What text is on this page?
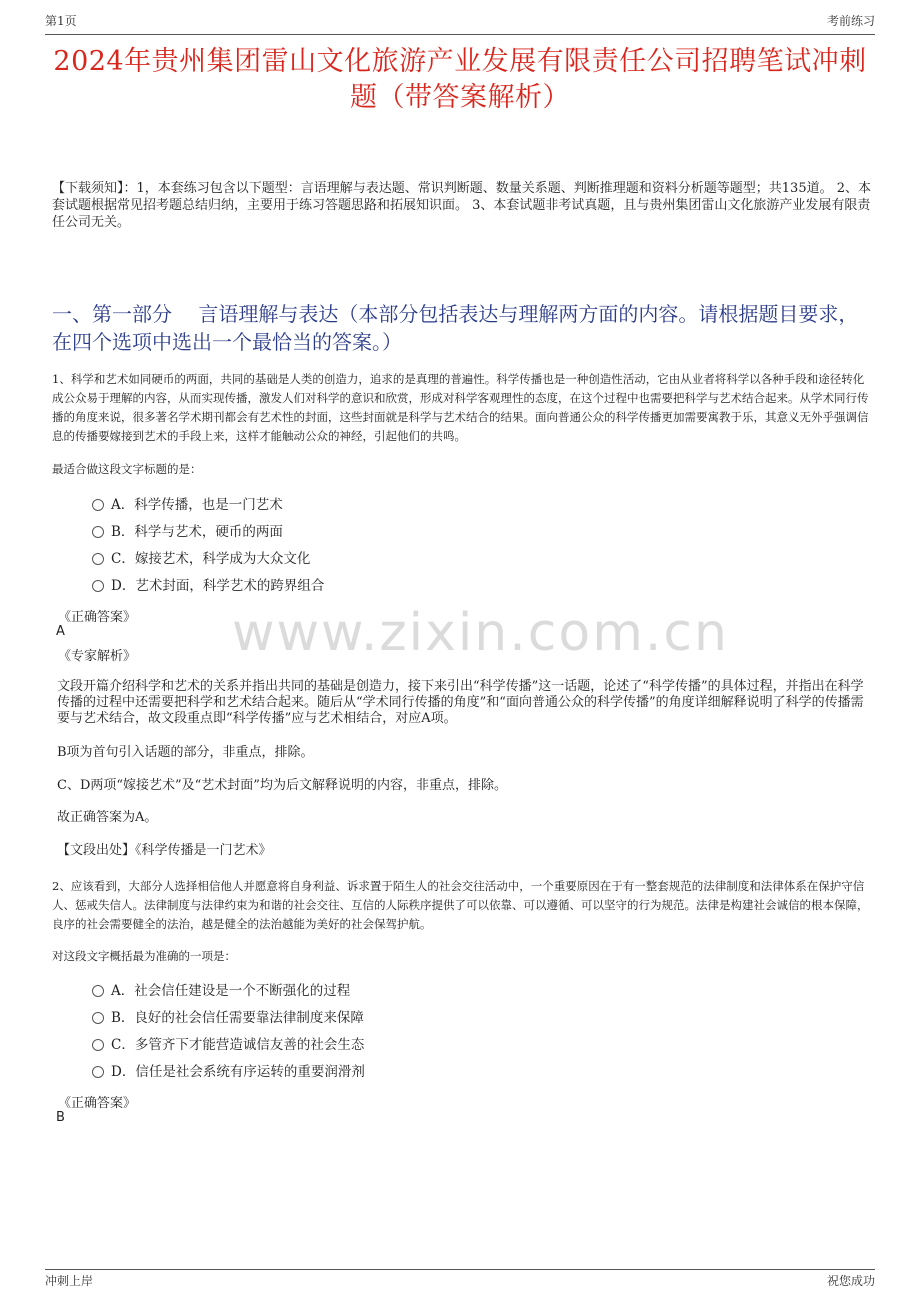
第1页	考前练习
2024年贵州集团雷山文化旅游产业发展有限责任公司招聘笔试冲刺题（带答案解析）
【下载须知】：1，本套练习包含以下题型：言语理解与表达题、常识判断题、数量关系题、判断推理题和资料分析题等题型；共135道。 2、本套试题根据常见招考题总结归纳，主要用于练习答题思路和拓展知识面。 3、本套试题非考试真题，且与贵州集团雷山文化旅游产业发展有限责任公司无关。
一、第一部分　 言语理解与表达（本部分包括表达与理解两方面的内容。请根据题目要求，在四个选项中选出一个最恰当的答案。）
1、科学和艺术如同硬币的两面，共同的基础是人类的创造力，追求的是真理的普遍性。科学传播也是一种创造性活动，它由从业者将科学以各种手段和途径转化成公众易于理解的内容，从而实现传播，激发人们对科学的意识和欣赏，形成对科学客观理性的态度，在这个过程中也需要把科学与艺术结合起来。从学术同行传播的角度来说，很多著名学术期刊都会有艺术性的封面，这些封面就是科学与艺术结合的结果。面向普通公众的科学传播更加需要寓教于乐，其意义无外乎强调信息的传播要嫁接到艺术的手段上来，这样才能触动公众的神经，引起他们的共鸣。
最适合做这段文字标题的是：
A．科学传播，也是一门艺术
B．科学与艺术，硬币的两面
C．嫁接艺术，科学成为大众文化
D．艺术封面，科学艺术的跨界组合
《正确答案》
A
《专家解析》 www.zixin.com.cn
文段开篇介绍科学和艺术的关系并指出共同的基础是创造力，接下来引出“科学传播”这一话题，论述了“科学传播”的具体过程，并指出在科学传播的过程中还需要把科学和艺术结合起来。随后从“学术同行传播的角度”和“面向普通公众的科学传播”的角度详细解释说明了科学的传播需要与艺术结合，故文段重点即“科学传播”应与艺术相结合，对应A项。
B项为首句引入话题的部分，非重点，排除。
C、D两项“嫁接艺术”及“艺术封面”均为后文解释说明的内容，非重点，排除。
故正确答案为A。
【文段出处】《科学传播是一门艺术》
2、应该看到，大部分人选择相信他人并愿意将自身利益、诉求置于陌生人的社会交往活动中，一个重要原因在于有一整套规范的法律制度和法律体系在保护守信人、惩戒失信人。法律制度与法律约束为和谐的社会交往、互信的人际秩序提供了可以依靠、可以遵循、可以坚守的行为规范。法律是构建社会诚信的根本保障，良序的社会需要健全的法治，越是健全的法治越能为美好的社会保驾护航。
对这段文字概括最为准确的一项是：
A．社会信任建设是一个不断强化的过程
B．良好的社会信任需要靠法律制度来保障
C．多管齐下才能营造诚信友善的社会生态
D．信任是社会系统有序运转的重要润滑剂
《正确答案》
B
冲刺上岸	祝您成功
